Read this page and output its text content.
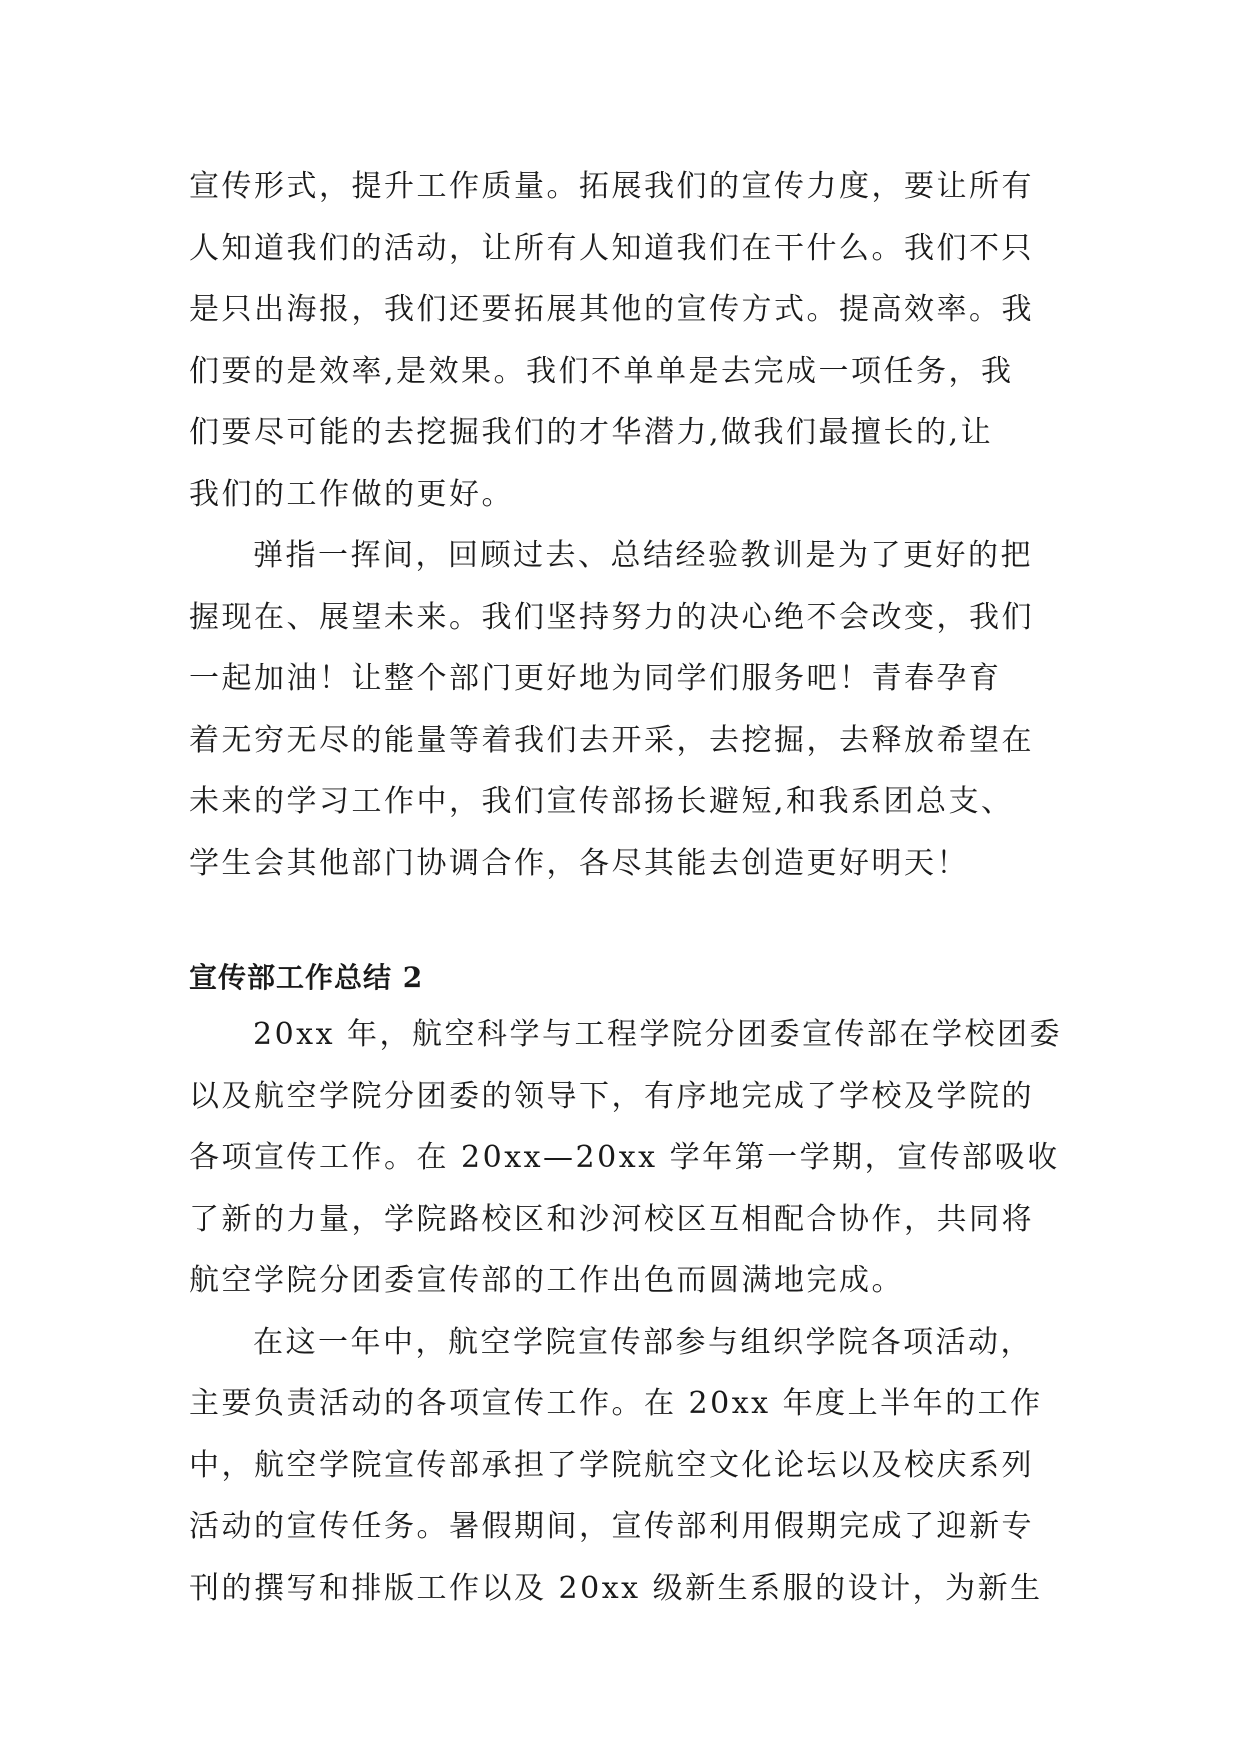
宣传形式，提升工作质量。拓展我们的宣传力度，要让所有
人知道我们的活动，让所有人知道我们在干什么。我们不只
是只出海报，我们还要拓展其他的宣传方式。提高效率。我
们要的是效率,是效果。我们不单单是去完成一项任务，我
们要尽可能的去挖掘我们的才华潜力,做我们最擅长的,让
我们的工作做的更好。

弹指一挥间，回顾过去、总结经验教训是为了更好的把
握现在、展望未来。我们坚持努力的决心绝不会改变，我们
一起加油！让整个部门更好地为同学们服务吧！青春孕育
着无穷无尽的能量等着我们去开采，去挖掘，去释放希望在
未来的学习工作中，我们宣传部扬长避短,和我系团总支、
学生会其他部门协调合作，各尽其能去创造更好明天！

宣传部工作总结 2

20xx 年，航空科学与工程学院分团委宣传部在学校团委
以及航空学院分团委的领导下，有序地完成了学校及学院的
各项宣传工作。在 20xx—20xx 学年第一学期，宣传部吸收
了新的力量，学院路校区和沙河校区互相配合协作，共同将
航空学院分团委宣传部的工作出色而圆满地完成。

在这一年中，航空学院宣传部参与组织学院各项活动，
主要负责活动的各项宣传工作。在 20xx 年度上半年的工作
中，航空学院宣传部承担了学院航空文化论坛以及校庆系列
活动的宣传任务。暑假期间，宣传部利用假期完成了迎新专
刊的撰写和排版工作以及 20xx 级新生系服的设计，为新生
